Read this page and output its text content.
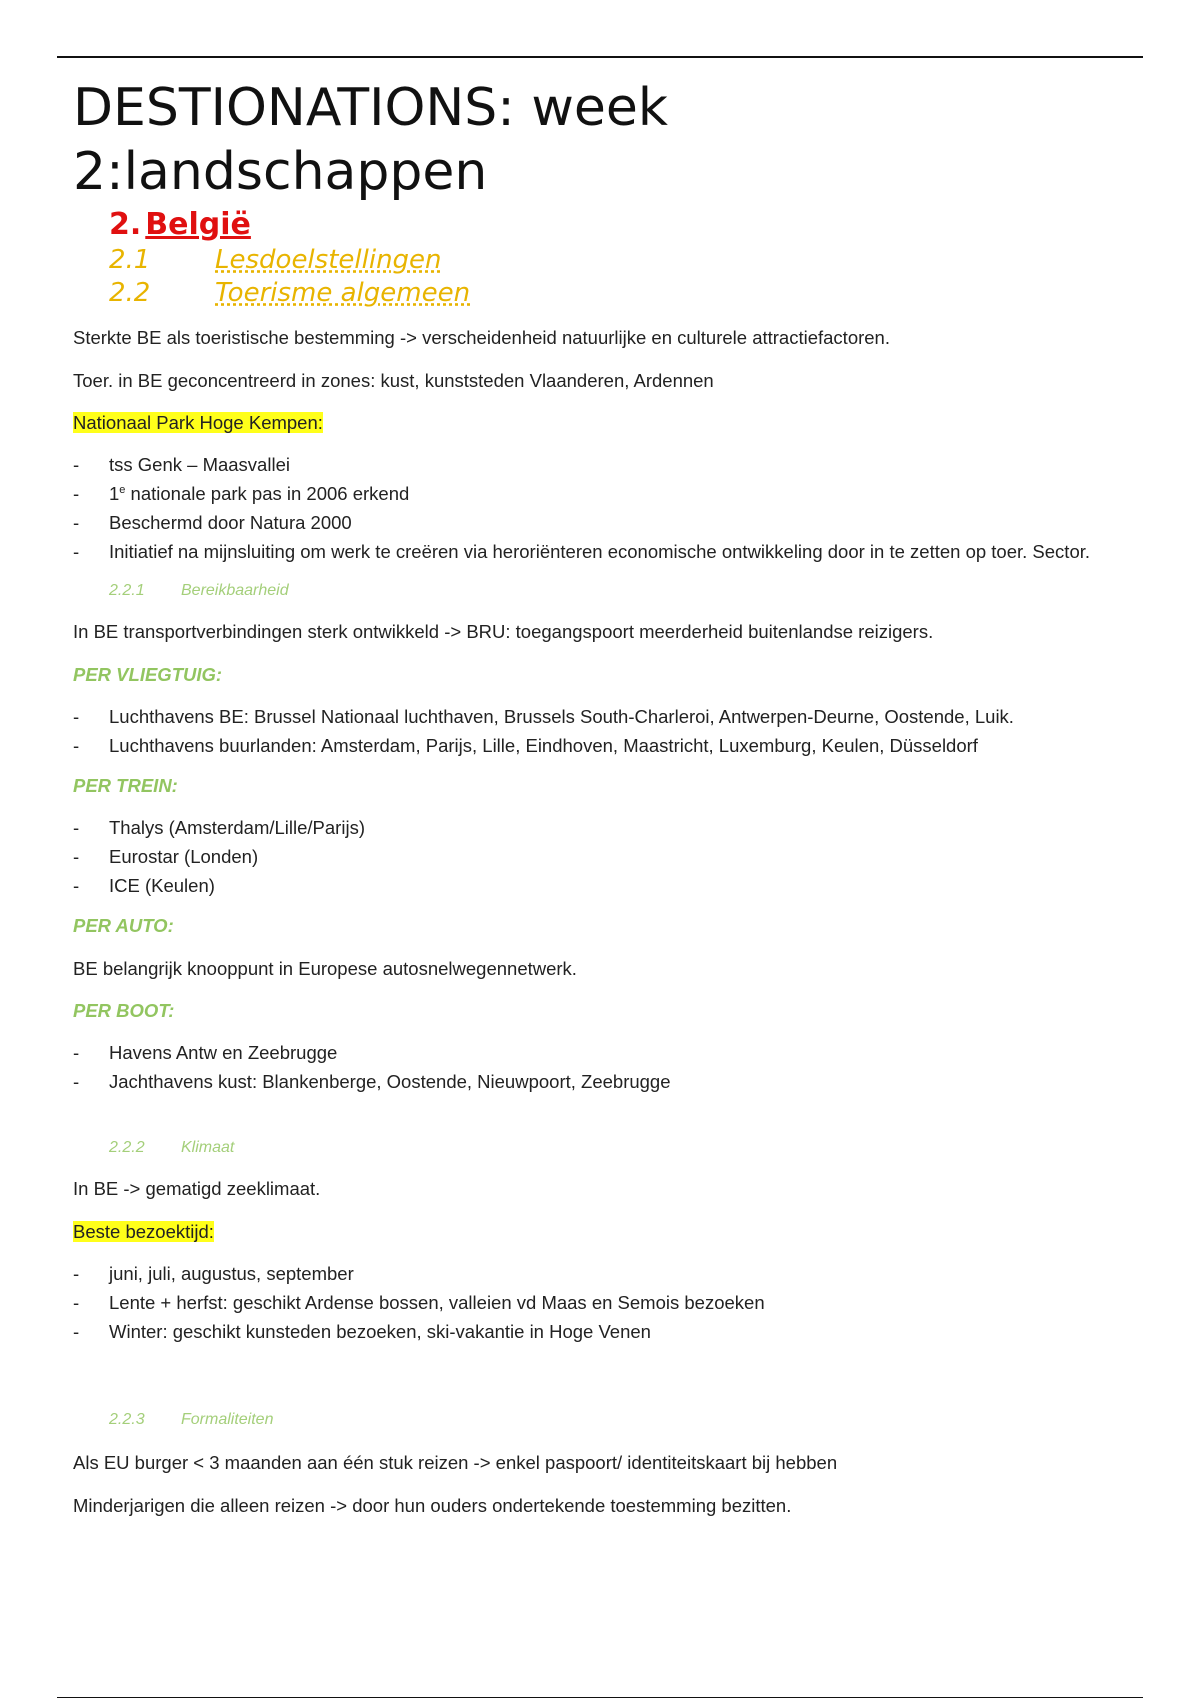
DESTIONATIONS: week
2:landschappen
2. België
2.1 Lesdoelstellingen
2.2 Toerisme algemeen

Sterkte BE als toeristische bestemming -> verscheidenheid natuurlijke en culturele attractiefactoren.

Toer. in BE geconcentreerd in zones: kust, kunststeden Vlaanderen, Ardennen

Nationaal Park Hoge Kempen:

- tss Genk – Maasvallei
- 1e nationale park pas in 2006 erkend
- Beschermd door Natura 2000
- Initiatief na mijnsluiting om werk te creëren via heroriënteren economische ontwikkeling door in te zetten op toer. Sector.
2.2.1 Bereikbaarheid

In BE transportverbindingen sterk ontwikkeld -> BRU: toegangspoort meerderheid buitenlandse reizigers.

PER VLIEGTUIG:

- Luchthavens BE: Brussel Nationaal luchthaven, Brussels South-Charleroi, Antwerpen-Deurne, Oostende, Luik.
- Luchthavens buurlanden: Amsterdam, Parijs, Lille, Eindhoven, Maastricht, Luxemburg, Keulen, Düsseldorf

PER TREIN:

- Thalys (Amsterdam/Lille/Parijs)
- Eurostar (Londen)
- ICE (Keulen)

PER AUTO:

BE belangrijk knooppunt in Europese autosnelwegennetwerk.

PER BOOT:

- Havens Antw en Zeebrugge
- Jachthavens kust: Blankenberge, Oostende, Nieuwpoort, Zeebrugge
2.2.2 Klimaat

In BE -> gematigd zeeklimaat.

Beste bezoektijd:

- juni, juli, augustus, september
- Lente + herfst: geschikt Ardense bossen, valleien vd Maas en Semois bezoeken
- Winter: geschikt kunsteden bezoeken, ski-vakantie in Hoge Venen
2.2.3 Formaliteiten

Als EU burger < 3 maanden aan één stuk reizen -> enkel paspoort/ identiteitskaart bij hebben

Minderjarigen die alleen reizen -> door hun ouders ondertekende toestemming bezitten.
